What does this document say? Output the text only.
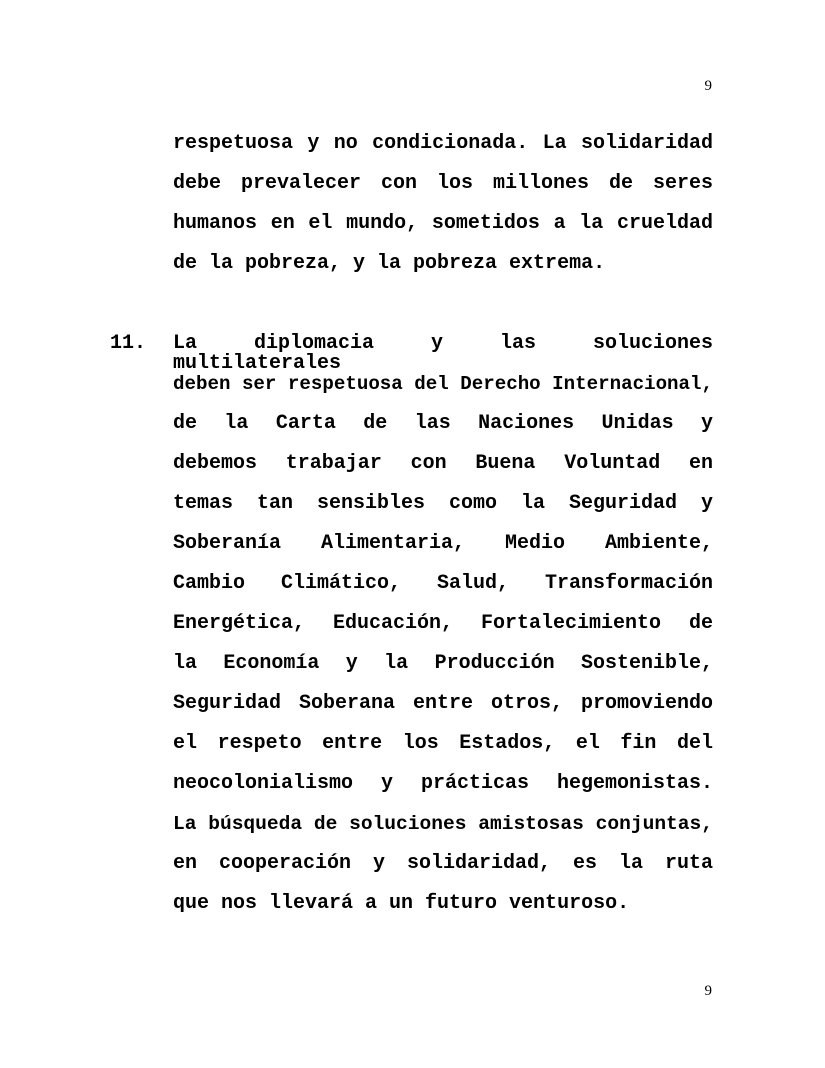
9
respetuosa y no condicionada. La solidaridad
debe prevalecer con los millones de seres
humanos en el mundo, sometidos a la crueldad
de la pobreza, y la pobreza extrema.
11. La diplomacia y las soluciones multilaterales
deben ser respetuosa del Derecho Internacional,
de la Carta de las Naciones Unidas y
debemos trabajar con Buena Voluntad en
temas tan sensibles como la Seguridad y
Soberanía Alimentaria, Medio Ambiente,
Cambio Climático, Salud, Transformación
Energética, Educación, Fortalecimiento de
la Economía y la Producción Sostenible,
Seguridad Soberana entre otros, promoviendo
el respeto entre los Estados, el fin del
neocolonialismo y prácticas hegemonistas.
La búsqueda de soluciones amistosas conjuntas,
en cooperación y solidaridad, es la ruta
que nos llevará a un futuro venturoso.
9
